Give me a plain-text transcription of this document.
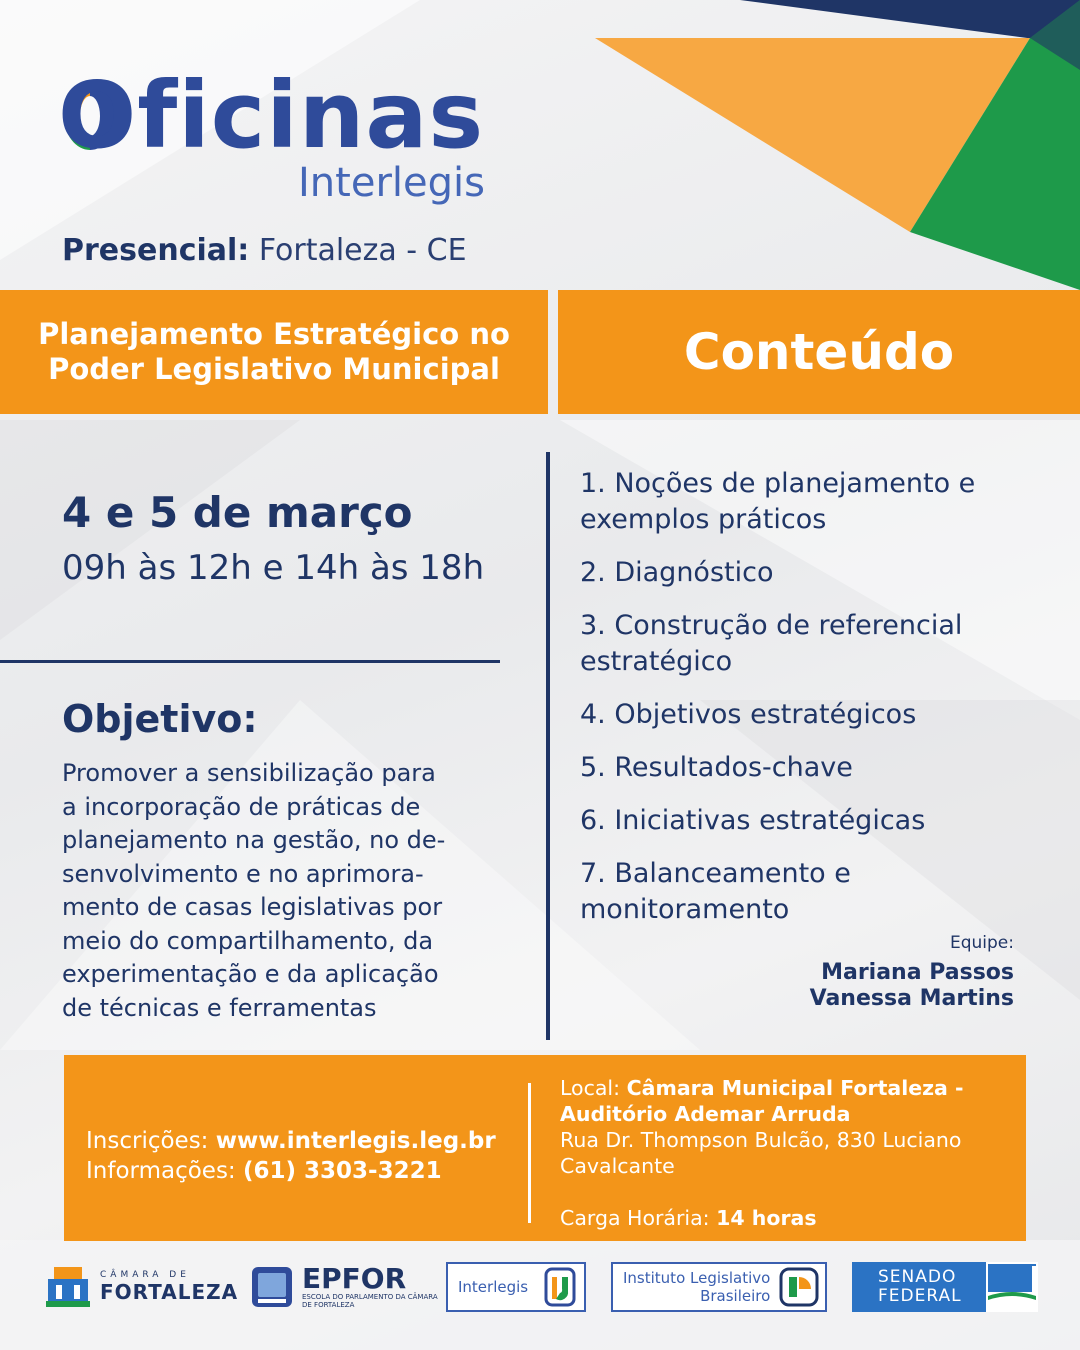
Oficinas
Interlegis
Presencial: Fortaleza - CE
Planejamento Estratégico no
Poder Legislativo Municipal	Conteúdo
4 e 5 de março
09h às 12h e 14h às 18h
Objetivo:
Promover a sensibilização para
a incorporação de práticas de
planejamento na gestão, no de-
senvolvimento e no aprimora-
mento de casas legislativas por
meio do compartilhamento, da
experimentação e da aplicação
de técnicas e ferramentas
1. Noções de planejamento e
exemplos práticos
2. Diagnóstico
3. Construção de referencial
estratégico
4. Objetivos estratégicos
5. Resultados-chave
6. Iniciativas estratégicas
7. Balanceamento e
monitoramento
Equipe:
Mariana Passos
Vanessa Martins
Inscrições: www.interlegis.leg.br
Informações: (61) 3303-3221
Local: Câmara Municipal Fortaleza -
Auditório Ademar Arruda
Rua Dr. Thompson Bulcão, 830 Luciano
Cavalcante
Carga Horária: 14 horas
CÂMARA DE
FORTALEZA EPFOR
ESCOLA DO PARLAMENTO DA CÂMARA DE FORTALEZA
Interlegis	Instituto Legislativo
Brasileiro
SENADO
FEDERAL
